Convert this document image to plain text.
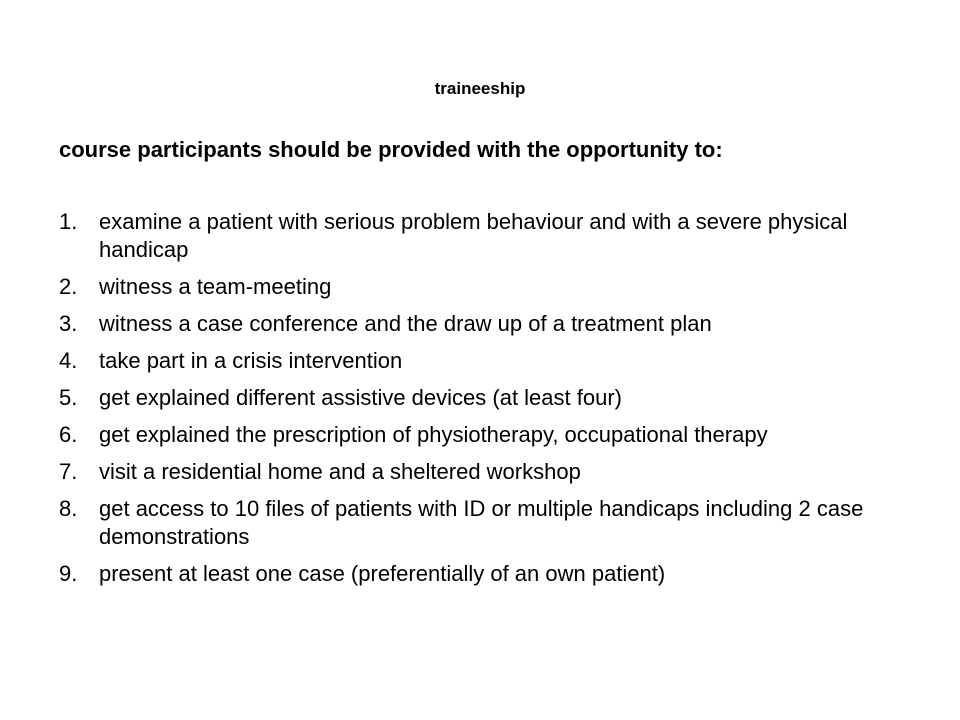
traineeship
course participants should be provided with the opportunity to:
1. examine a patient with serious problem behaviour and with a severe physical handicap
2. witness a team-meeting
3. witness a case conference and the draw up of a treatment plan
4. take part in a crisis intervention
5. get explained different assistive devices (at least four)
6. get explained the prescription of physiotherapy, occupational therapy
7. visit a residential home and a sheltered workshop
8. get access to 10 files of patients with ID or multiple handicaps including 2 case demonstrations
9. present at least one case (preferentially of an own patient)
